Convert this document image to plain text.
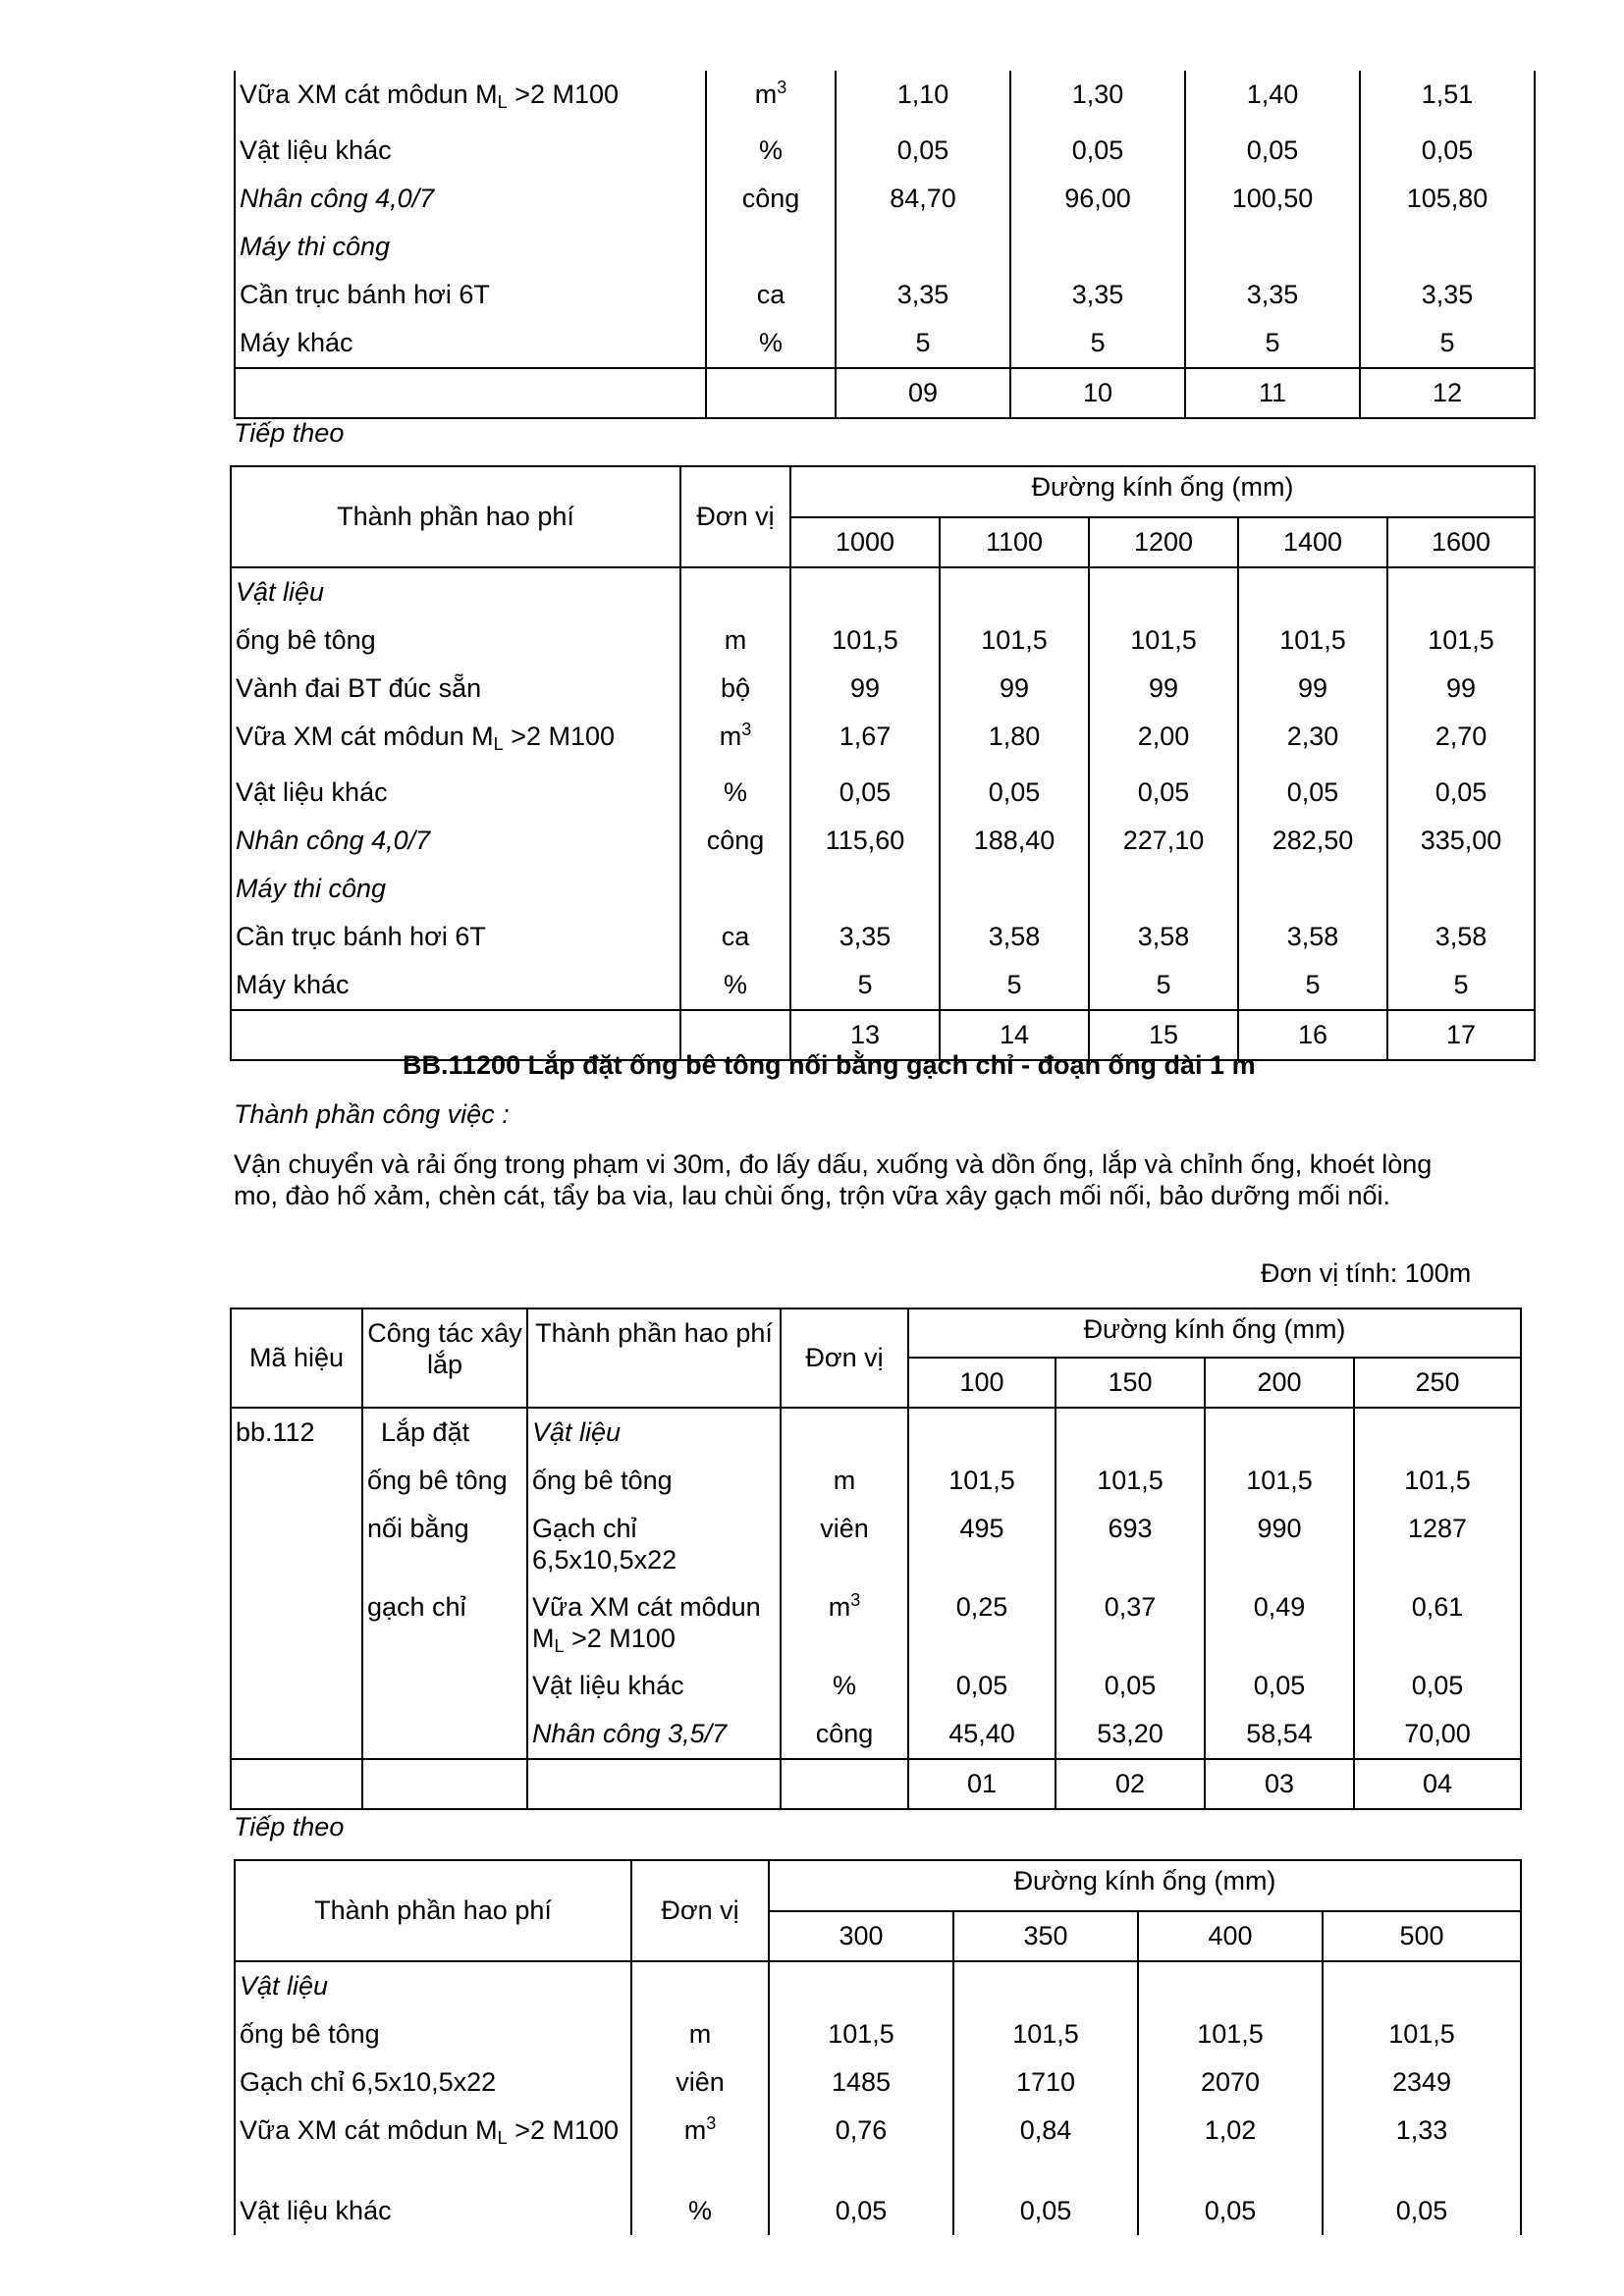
Vữa XM cát môdun $M_L >2$ M100	$m^3$	1,10	1,30	1,40	1,51
Vật liệu khác	%	0,05	0,05	0,05	0,05
Nhân công 4,0/7	công	84,70	96,00	100,50	105,80
Máy thi công					
Cần trục bánh hơi 6T	ca	3,35	3,35	3,35	3,35
Máy khác	%	5	5	5	5
		09	10	11	12
Tiếp theo
Thành phần hao phí	Đơn vị	Đường kính ống (mm)				
		1000	1100	1200	1400	1600
Vật liệu						
ống bê tông	m	101,5	101,5	101,5	101,5	101,5
Vành đai BT đúc sẵn	bộ	99	99	99	99	99
Vữa XM cát môdun $M_L >2$ M100	$m^3$	1,67	1,80	2,00	2,30	2,70
Vật liệu khác	%	0,05	0,05	0,05	0,05	0,05
Nhân công 4,0/7	công	115,60	188,40	227,10	282,50	335,00
Máy thi công						
Cần trục bánh hơi 6T	ca	3,35	3,58	3,58	3,58	3,58
Máy khác	%	5	5	5	5	5
		13	14	15	16	17
BB.11200 Lắp đặt ống bê tông nối bằng gạch chỉ - đoạn ống dài 1 m
Thành phần công việc :
Vận chuyển và rải ống trong phạm vi 30m, đo lấy dấu, xuống và dồn ống, lắp và chỉnh ống, khoét lòng mo, đào hố xảm, chèn cát, tẩy ba via, lau chùi ống, trộn vữa xây gạch mối nối, bảo dưỡng mối nối.
Đơn vị tính: 100m
Mã hiệu	Công tác xây lắp	Thành phần hao phí	Đơn vị	Đường kính ống (mm)			
				100	150	200	250
bb.112	Lắp đặt	Vật liệu					
	ống bê tông	ống bê tông	m	101,5	101,5	101,5	101,5
	nối bằng	Gạch chỉ 6,5x10,5x22	viên	495	693	990	1287
	gạch chỉ	Vữa XM cát môdun $M_L >2$ M100	$m^3$	0,25	0,37	0,49	0,61
		Vật liệu khác	%	0,05	0,05	0,05	0,05
		Nhân công 3,5/7	công	45,40	53,20	58,54	70,00
				01	02	03	04
Tiếp theo
Thành phần hao phí	Đơn vị	Đường kính ống (mm)			
		300	350	400	500
Vật liệu					
ống bê tông	m	101,5	101,5	101,5	101,5
Gạch chỉ 6,5x10,5x22	viên	1485	1710	2070	2349
Vữa XM cát môdun $M_L >2$ M100	$m^3$	0,76	0,84	1,02	1,33
Vật liệu khác	%	0,05	0,05	0,05	0,05
